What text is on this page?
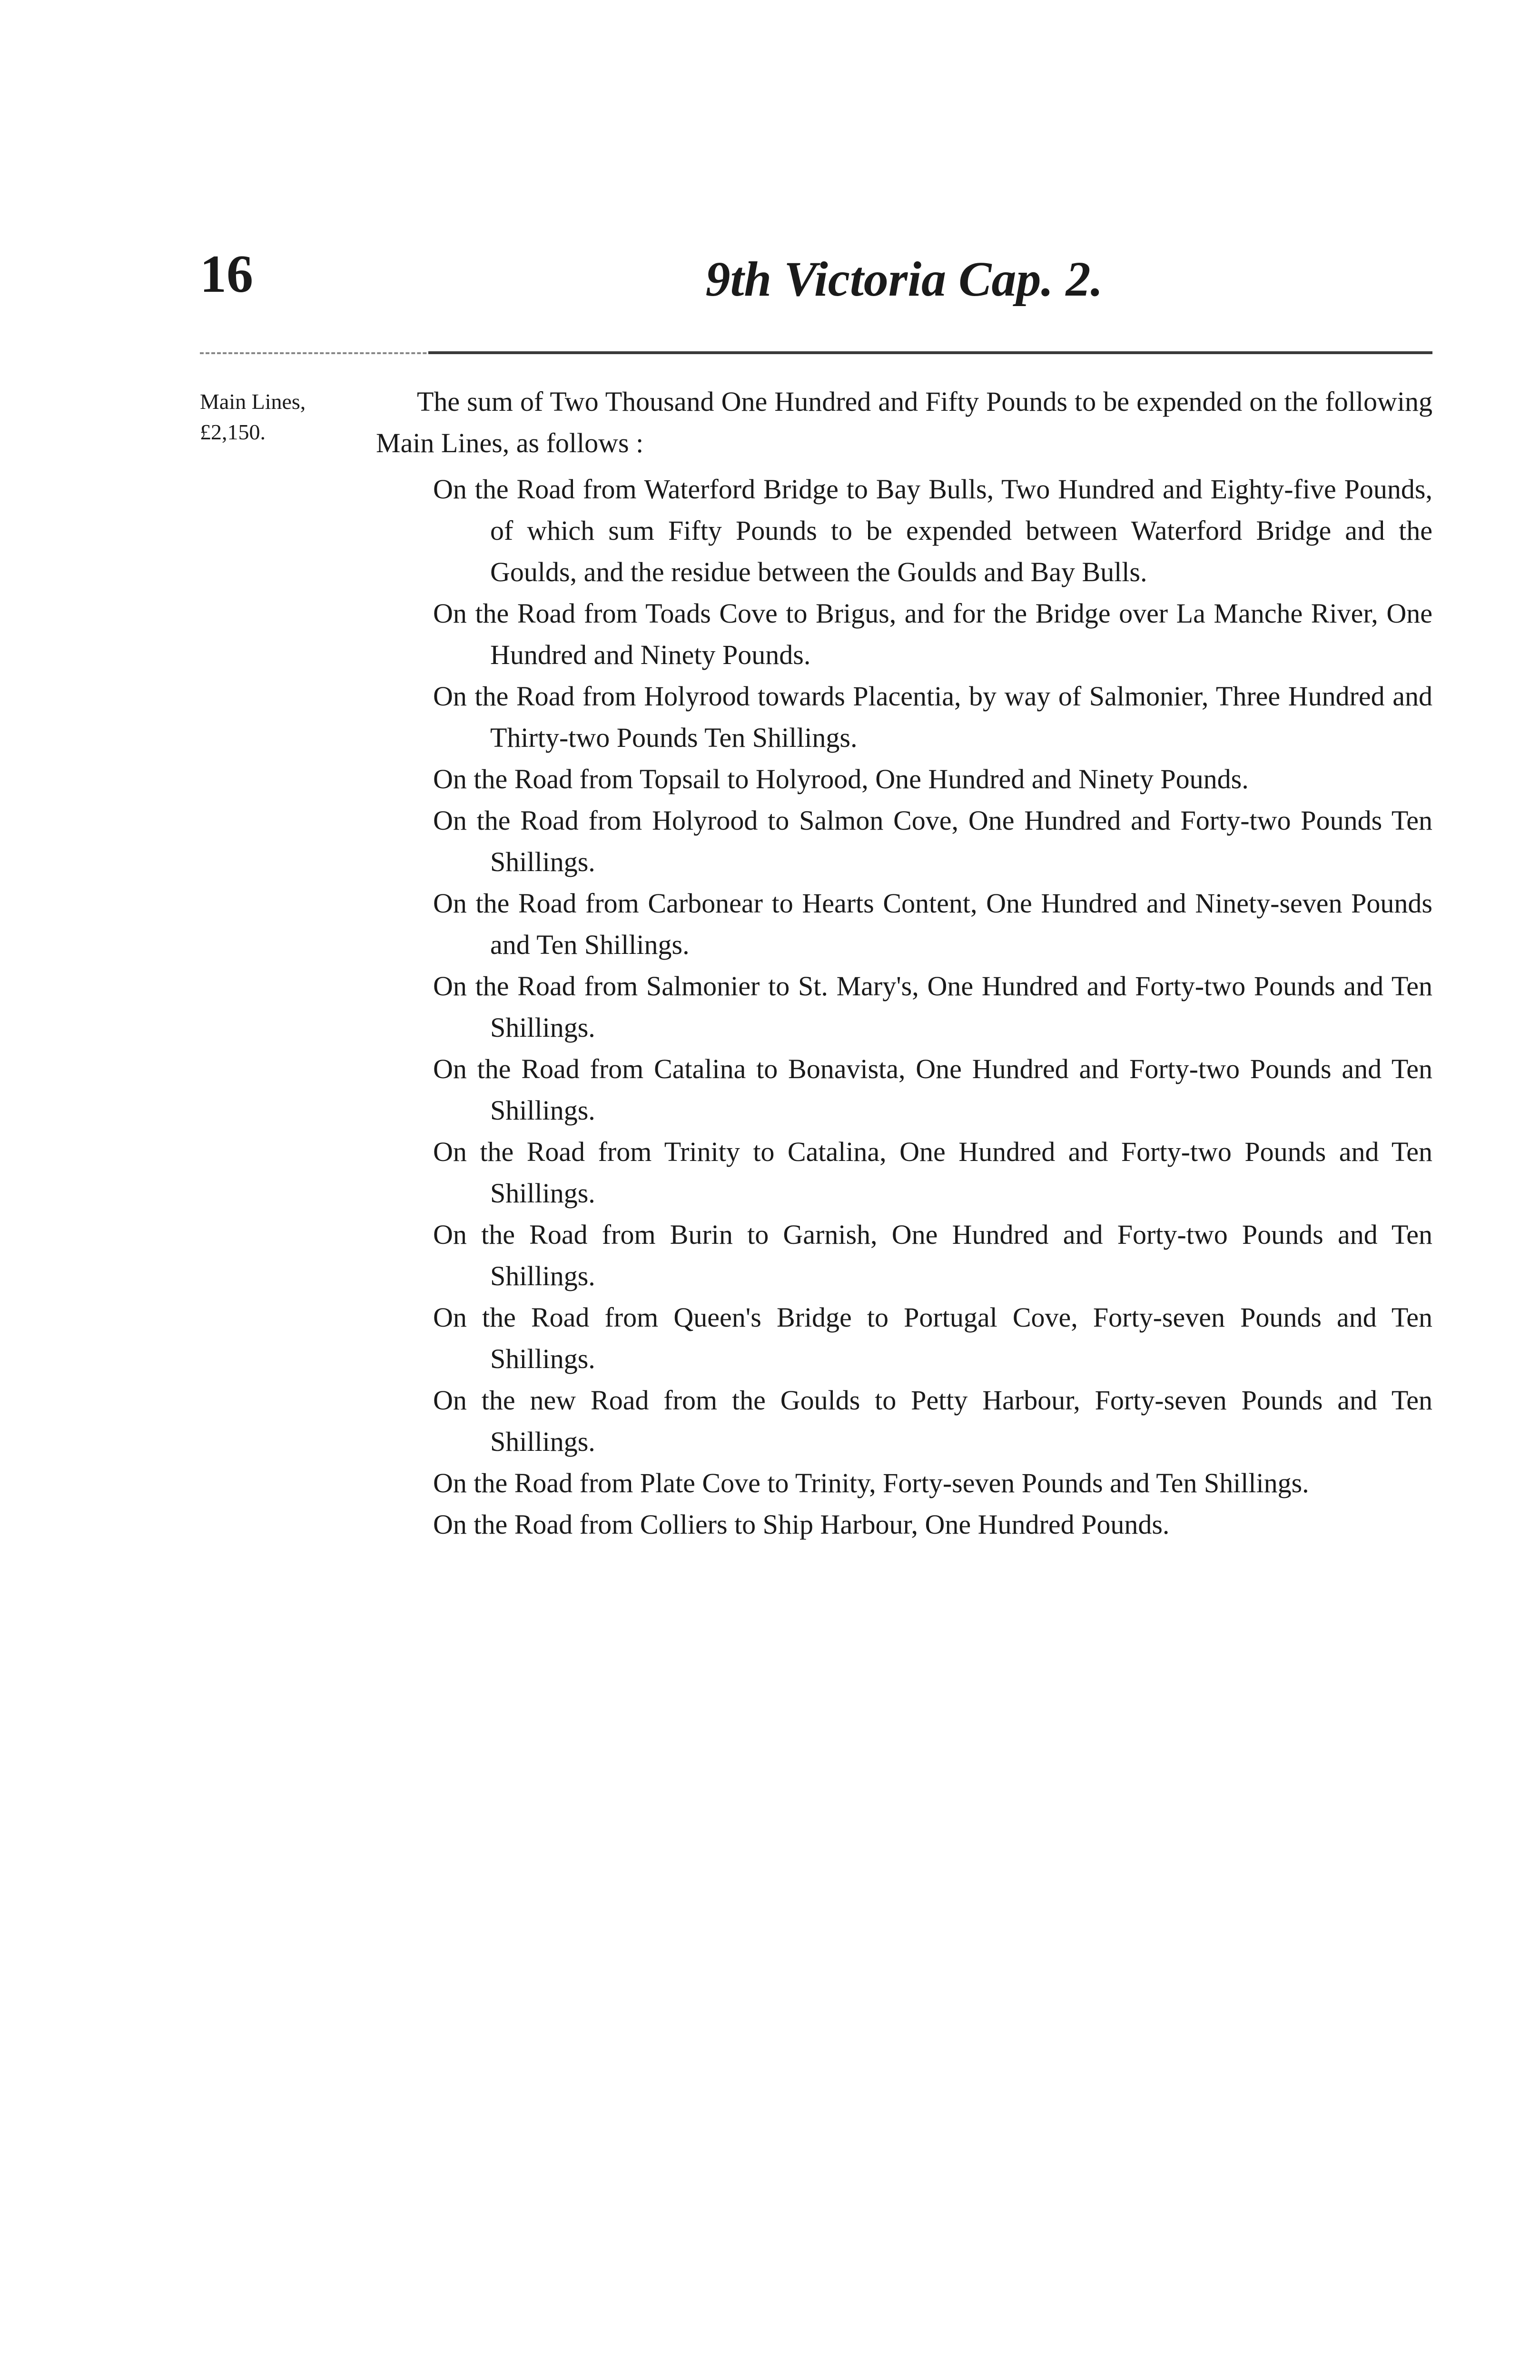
16	9th Victoria Cap. 2.
Main Lines,
£2,150.

The sum of Two Thousand One Hundred and Fifty Pounds to be expended on the following Main Lines, as follows :

On the Road from Waterford Bridge to Bay Bulls, Two Hundred and Eighty-five Pounds, of which sum Fifty Pounds to be expended between Waterford Bridge and the Goulds, and the residue between the Goulds and Bay Bulls.
On the Road from Toads Cove to Brigus, and for the Bridge over La Manche River, One Hundred and Ninety Pounds.
On the Road from Holyrood towards Placentia, by way of Salmonier, Three Hundred and Thirty-two Pounds Ten Shillings.
On the Road from Topsail to Holyrood, One Hundred and Ninety Pounds.
On the Road from Holyrood to Salmon Cove, One Hundred and Forty-two Pounds Ten Shillings.
On the Road from Carbonear to Hearts Content, One Hundred and Ninety-seven Pounds and Ten Shillings.
On the Road from Salmonier to St. Mary's, One Hundred and Forty-two Pounds and Ten Shillings.
On the Road from Catalina to Bonavista, One Hundred and Forty-two Pounds and Ten Shillings.
On the Road from Trinity to Catalina, One Hundred and Forty-two Pounds and Ten Shillings.
On the Road from Burin to Garnish, One Hundred and Forty-two Pounds and Ten Shillings.
On the Road from Queen's Bridge to Portugal Cove, Forty-seven Pounds and Ten Shillings.
On the new Road from the Goulds to Petty Harbour, Forty-seven Pounds and Ten Shillings.
On the Road from Plate Cove to Trinity, Forty-seven Pounds and Ten Shillings.
On the Road from Colliers to Ship Harbour, One Hundred Pounds.
